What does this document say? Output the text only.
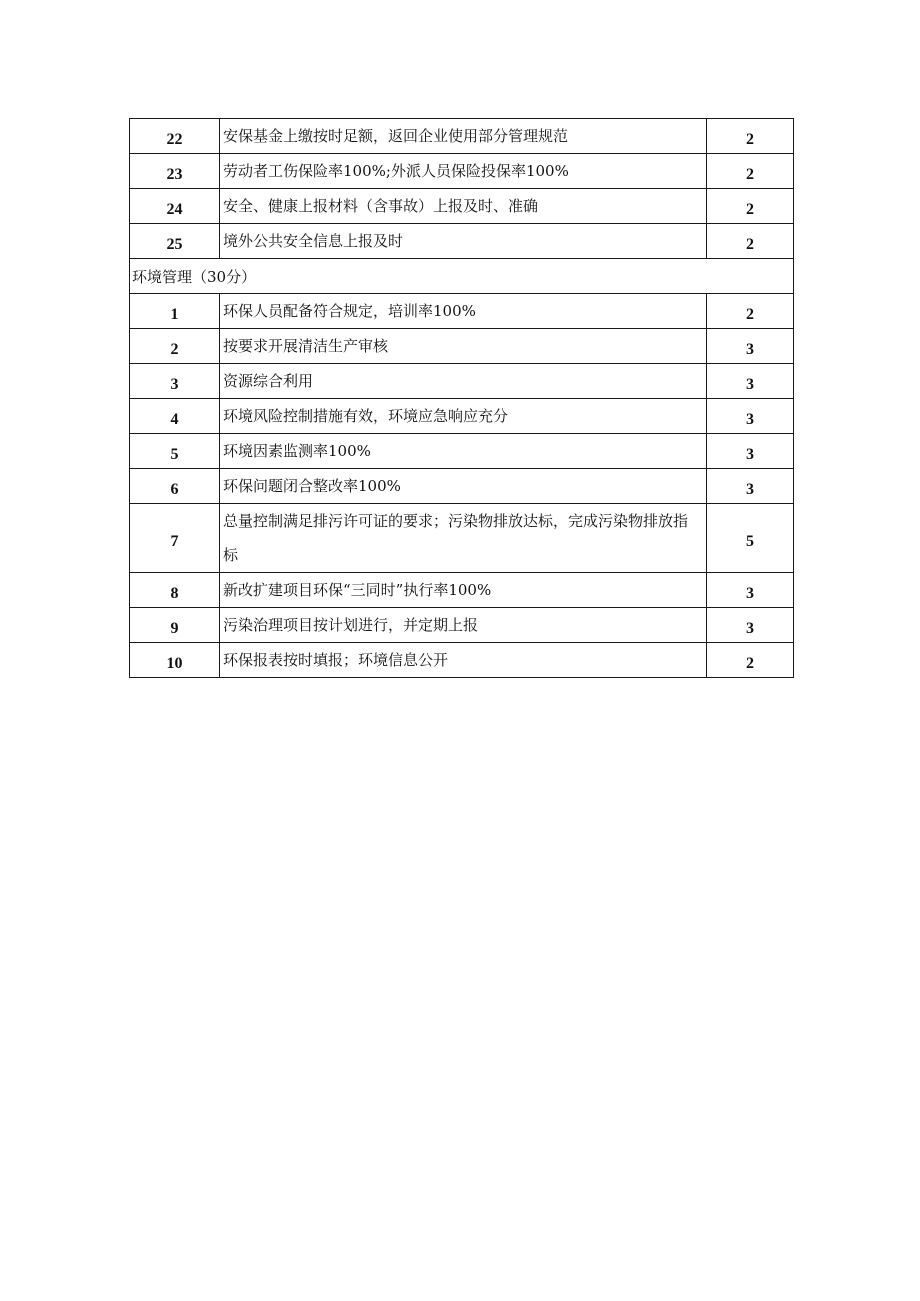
22	安保基金上缴按时足额，返回企业使用部分管理规范	2
23	劳动者工伤保险率100%;外派人员保险投保率100%	2
24	安全、健康上报材料（含事故）上报及时、准确	2
25	境外公共安全信息上报及时	2
环境管理（30分）		
1	环保人员配备符合规定，培训率100%	2
2	按要求开展清洁生产审核	3
3	资源综合利用	3
4	环境风险控制措施有效，环境应急响应充分	3
5	环境因素监测率100%	3
6	环保问题闭合整改率100%	3
7	总量控制满足排污许可证的要求；污染物排放达标，完成污染物排放指标	5
8	新改扩建项目环保“三同时”执行率100%	3
9	污染治理项目按计划进行，并定期上报	3
10	环保报表按时填报；环境信息公开	2
